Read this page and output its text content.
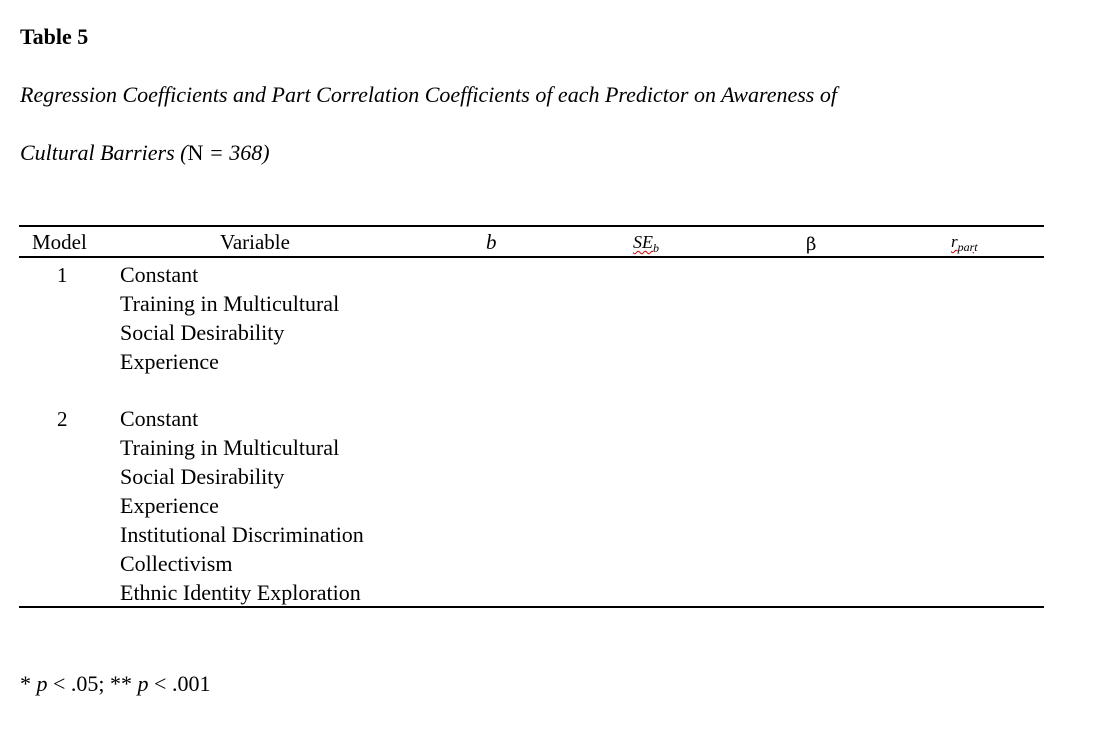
Table 5
Regression Coefficients and Part Correlation Coefficients of each Predictor on Awareness of
Cultural Barriers (N = 368)
Model	Variable	b	$SE_b$	β	$r_{part}$
1 Constant
Training in Multicultural
Social Desirability
Experience
2 Constant
Training in Multicultural
Social Desirability
Experience
Institutional Discrimination
Collectivism
Ethnic Identity Exploration
* p < .05; ** p < .001
